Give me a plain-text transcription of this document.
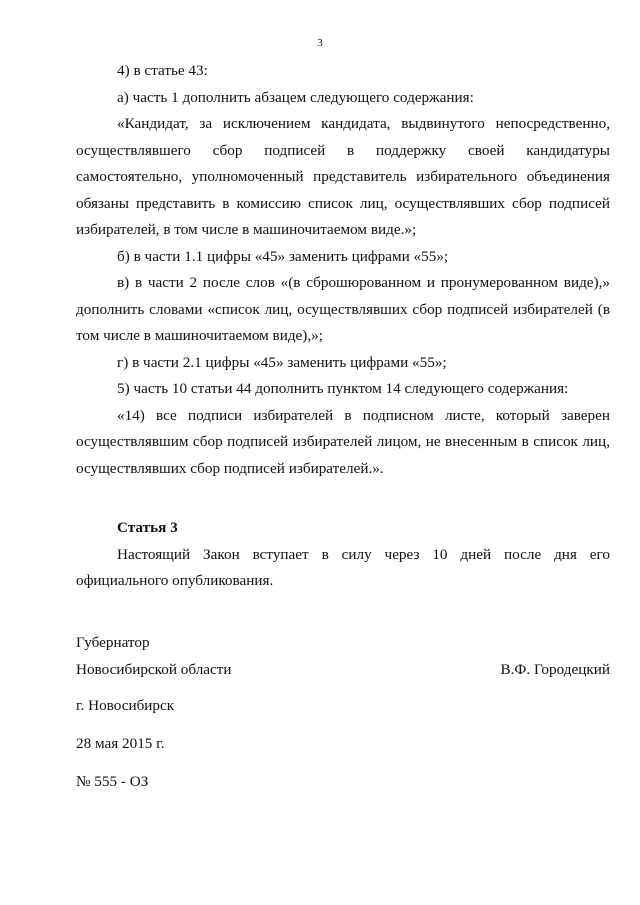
3

4) в статье 43:

а) часть 1 дополнить абзацем следующего содержания:

«Кандидат, за исключением кандидата, выдвинутого непосредственно, осуществлявшего сбор подписей в поддержку своей кандидатуры самостоятельно, уполномоченный представитель избирательного объединения обязаны представить в комиссию список лиц, осуществлявших сбор подписей избирателей, в том числе в машиночитаемом виде.»;

б) в части 1.1 цифры «45» заменить цифрами «55»;

в) в части 2 после слов «(в сброшюрованном и пронумерованном виде),» дополнить словами «список лиц, осуществлявших сбор подписей избирателей (в том числе в машиночитаемом виде),»;

г) в части 2.1 цифры «45» заменить цифрами «55»;

5) часть 10 статьи 44 дополнить пунктом 14 следующего содержания:

«14) все подписи избирателей в подписном листе, который заверен осуществлявшим сбор подписей избирателей лицом, не внесенным в список лиц, осуществлявших сбор подписей избирателей.».

Статья 3

Настоящий Закон вступает в силу через 10 дней после дня его официального опубликования.

Губернатор
Новосибирской области	В.Ф. Городецкий
г. Новосибирск
28 мая 2015 г.
№ 555 - ОЗ
